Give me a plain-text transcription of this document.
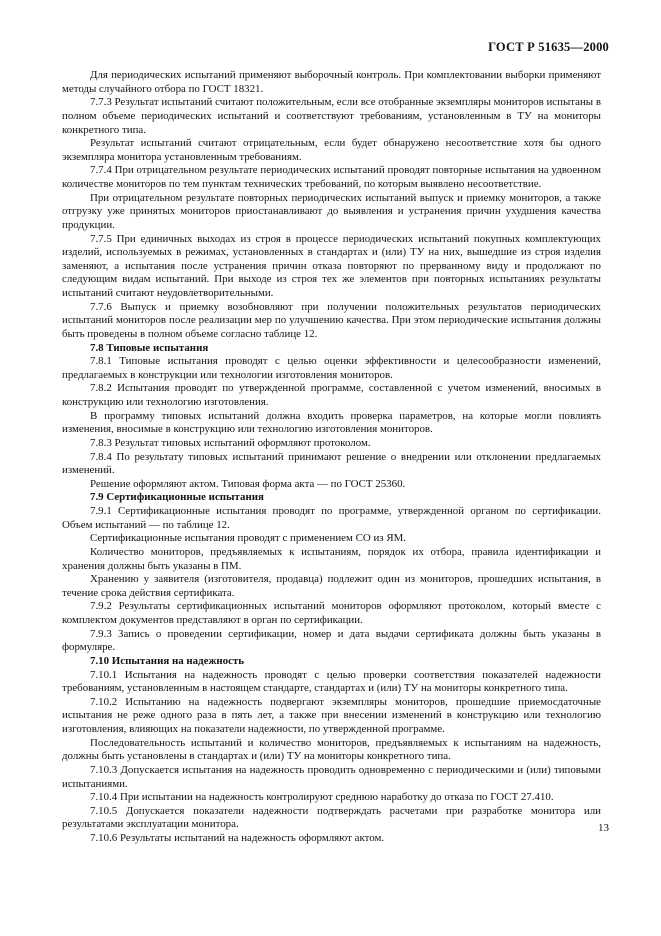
ГОСТ Р 51635—2000

Для периодических испытаний применяют выборочный контроль. При комплектовании выборки применяют методы случайного отбора по ГОСТ 18321.

7.7.3 Результат испытаний считают положительным, если все отобранные экземпляры мониторов испытаны в полном объеме периодических испытаний и соответствуют требованиям, установленным в ТУ на мониторы конкретного типа.

Результат испытаний считают отрицательным, если будет обнаружено несоответствие хотя бы одного экземпляра монитора установленным требованиям.

7.7.4 При отрицательном результате периодических испытаний проводят повторные испытания на удвоенном количестве мониторов по тем пунктам технических требований, по которым выявлено несоответствие.

При отрицательном результате повторных периодических испытаний выпуск и приемку мониторов, а также отгрузку уже принятых мониторов приостанавливают до выявления и устранения причин ухудшения качества продукции.

7.7.5 При единичных выходах из строя в процессе периодических испытаний покупных комплектующих изделий, используемых в режимах, установленных в стандартах и (или) ТУ на них, вышедшие из строя изделия заменяют, а испытания после устранения причин отказа повторяют по прерванному виду и продолжают по следующим видам испытаний. При выходе из строя тех же элементов при повторных испытаниях результаты испытаний считают неудовлетворительными.

7.7.6 Выпуск и приемку возобновляют при получении положительных результатов периодических испытаний мониторов после реализации мер по улучшению качества. При этом периодические испытания должны быть проведены в полном объеме согласно таблице 12.

7.8 Типовые испытания

7.8.1 Типовые испытания проводят с целью оценки эффективности и целесообразности изменений, предлагаемых в конструкции или технологии изготовления мониторов.

7.8.2 Испытания проводят по утвержденной программе, составленной с учетом изменений, вносимых в конструкцию или технологию изготовления.

В программу типовых испытаний должна входить проверка параметров, на которые могли повлиять изменения, вносимые в конструкцию или технологию изготовления мониторов.

7.8.3 Результат типовых испытаний оформляют протоколом.

7.8.4 По результату типовых испытаний принимают решение о внедрении или отклонении предлагаемых изменений.

Решение оформляют актом. Типовая форма акта — по ГОСТ 25360.

7.9 Сертификационные испытания

7.9.1 Сертификационные испытания проводят по программе, утвержденной органом по сертификации. Объем испытаний — по таблице 12.

Сертификационные испытания проводят с применением СО из ЯМ.

Количество мониторов, предъявляемых к испытаниям, порядок их отбора, правила идентификации и хранения должны быть указаны в ПМ.

Хранению у заявителя (изготовителя, продавца) подлежит один из мониторов, прошедших испытания, в течение срока действия сертификата.

7.9.2 Результаты сертификационных испытаний мониторов оформляют протоколом, который вместе с комплектом документов представляют в орган по сертификации.

7.9.3 Запись о проведении сертификации, номер и дата выдачи сертификата должны быть указаны в формуляре.

7.10 Испытания на надежность

7.10.1 Испытания на надежность проводят с целью проверки соответствия показателей надежности требованиям, установленным в настоящем стандарте, стандартах и (или) ТУ на мониторы конкретного типа.

7.10.2 Испытанию на надежность подвергают экземпляры мониторов, прошедшие приемосдаточные испытания не реже одного раза в пять лет, а также при внесении изменений в конструкцию или технологию изготовления, влияющих на показатели надежности, по утвержденной программе.

Последовательность испытаний и количество мониторов, предъявляемых к испытаниям на надежность, должны быть установлены в стандартах и (или) ТУ на мониторы конкретного типа.

7.10.3 Допускается испытания на надежность проводить одновременно с периодическими и (или) типовыми испытаниями.

7.10.4 При испытании на надежность контролируют среднюю наработку до отказа по ГОСТ 27.410.

7.10.5 Допускается показатели надежности подтверждать расчетами при разработке монитора или результатами эксплуатации монитора.

7.10.6 Результаты испытаний на надежность оформляют актом.

13
